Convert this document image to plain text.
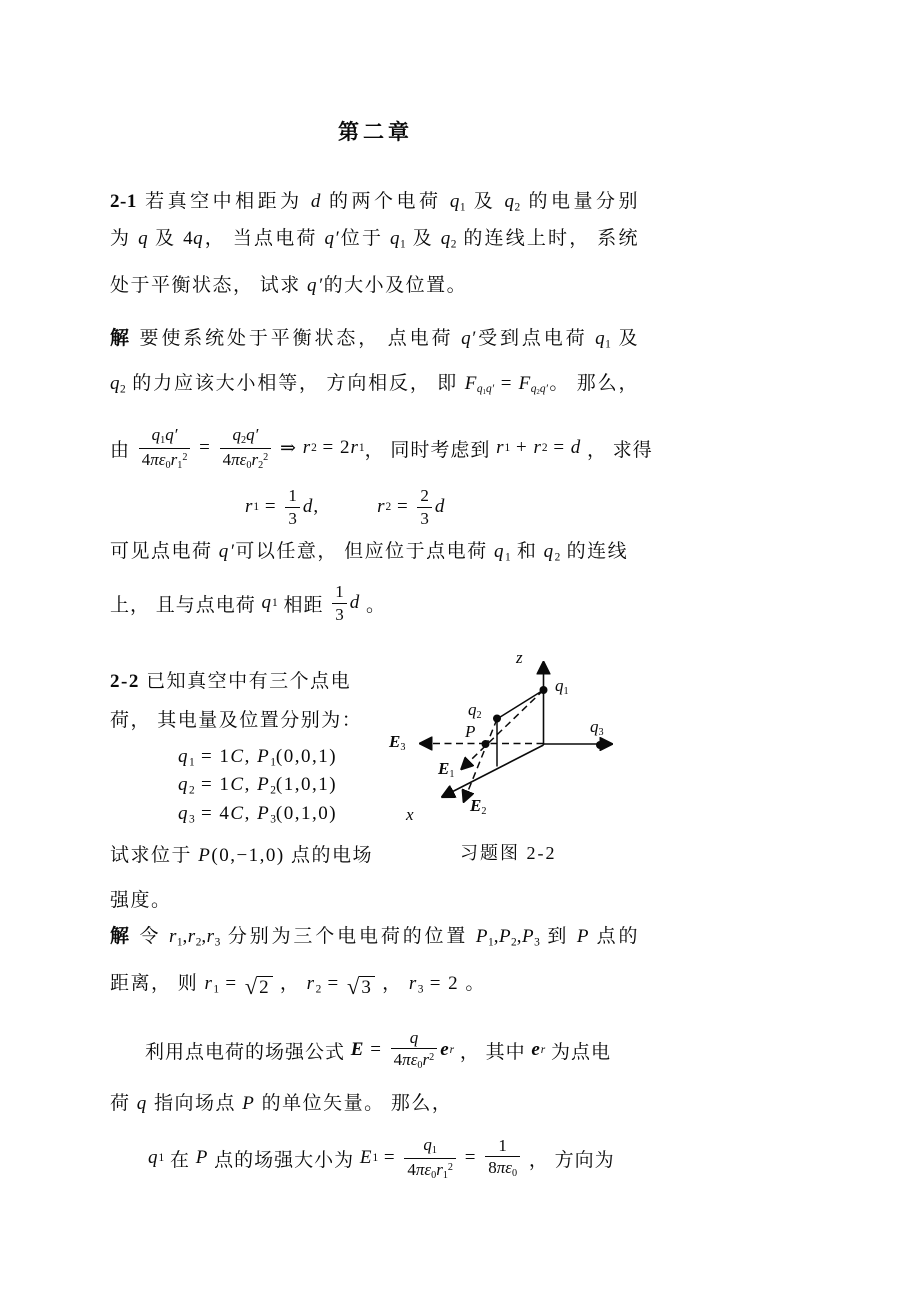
第二章
2-1 若真空中相距为 d 的两个电荷 $q_1$ 及 $q_2$ 的电量分别
为 q 及 4q， 当点电荷 q′位于 $q_1$ 及 $q_2$ 的连线上时， 系统
处于平衡状态， 试求 q′的大小及位置。
解 要使系统处于平衡状态， 点电荷 q′受到点电荷 $q_1$ 及
$q_2$ 的力应该大小相等， 方向相反， 即 $F_{q_1q'} = F_{q_2q'}$。 那么，
由 $\frac{q_1q'}{4\pi\varepsilon_0r_1^2} = \frac{q_2q'}{4\pi\varepsilon_0r_2^2}$ ⇒ r 2 = 2 r 1 ， 同时考虑到 r 1 + r 2 = d ， 求得
r $1 = \frac{1}{3}$ d ,	r $2 = \frac{2}{3}$ d
可见点电荷 q′可以任意， 但应位于点电荷 $q_1$ 和 $q_2$ 的连线
上， 且与点电荷 q 1 相距 $\frac{1}{3}$ d 。
2-2 已知真空中有三个点电
荷， 其电量及位置分别为：
$q_1 = 1C$, $P_1(0,0,1)$
$q_2 = 1C$, $P_2(1,0,1)$
$q_3 = 4C$, $P_3(0,1,0)$
试求位于 P(0,−1,0) 点的电场
强度。
z
x
$q_1$
$q_2$
$q_3$
P
$E_1$
$E_2$
$E_3$
习题图 2-2
解 令 $r_1,r_2,r_3$ 分别为三个电电荷的位置 $P_1,P_2,P_3$ 到 P 点的
距离， 则 $r_1$ = √ 2 ， $r_2$ = √ 3 ， $r_3 = 2$ 。
利用点电荷的场强公式 $E = \frac{q}{4\pi\varepsilon_0r^2}$ e r ， 其中 e r 为点电
荷 q 指向场点 P 的单位矢量。 那么，
q 1 在 P 点的场强大小为 E $1 = \frac{q_1}{4\pi\varepsilon_0r_1^2} = \frac{1}{8\pi\varepsilon_0}$ ， 方向为
